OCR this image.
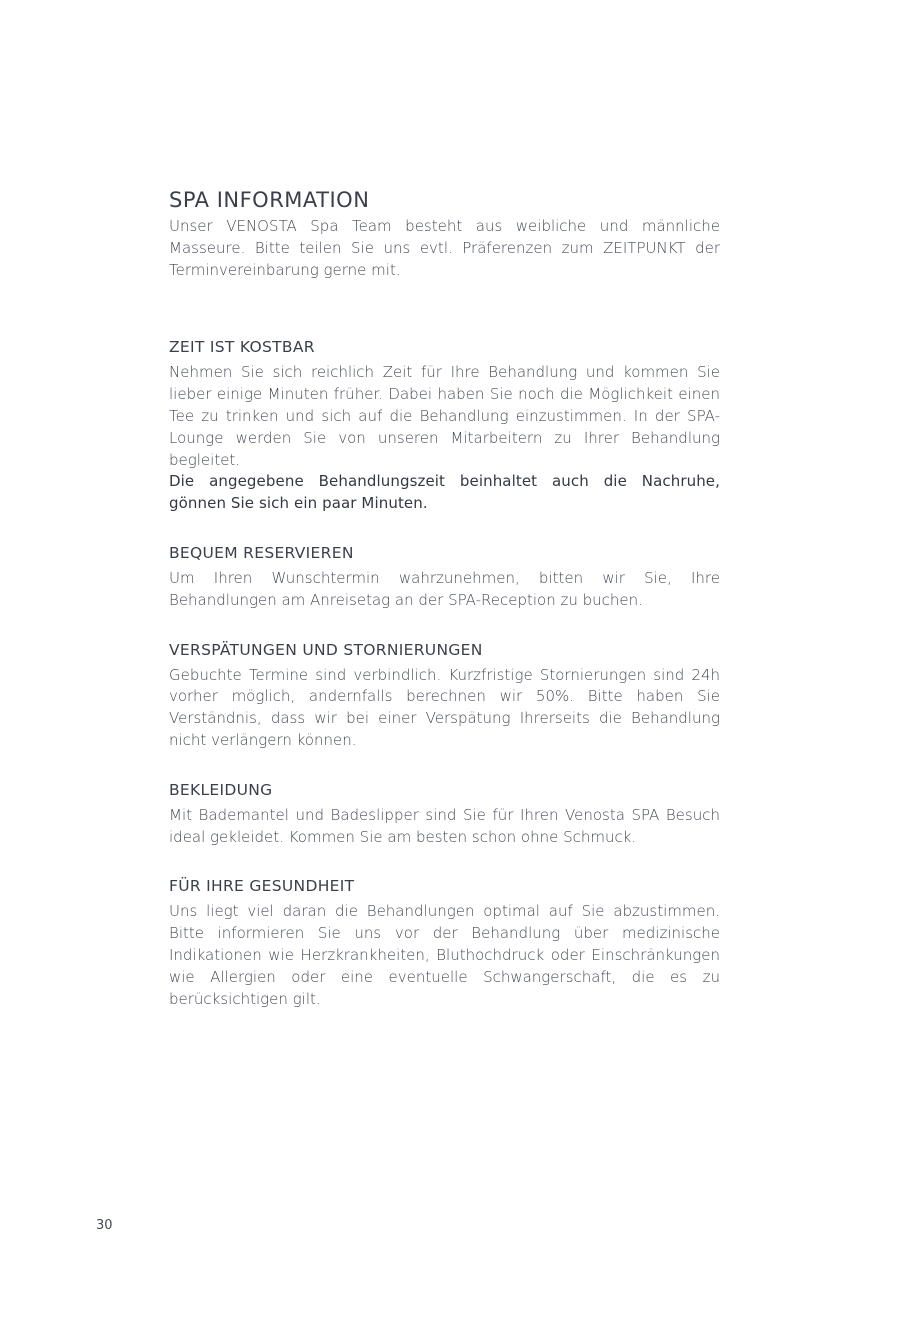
SPA INFORMATION

Unser VENOSTA Spa Team besteht aus weibliche und männliche Masseure. Bitte teilen Sie uns evtl. Präferenzen zum ZEITPUNKT der Terminvereinbarung gerne mit.

ZEIT IST KOSTBAR

Nehmen Sie sich reichlich Zeit für Ihre Behandlung und kommen Sie lieber einige Minuten früher. Dabei haben Sie noch die Möglichkeit einen Tee zu trinken und sich auf die Behandlung einzustimmen. In der SPA-Lounge werden Sie von unseren Mitarbeitern zu Ihrer Behandlung begleitet.

Die angegebene Behandlungszeit beinhaltet auch die Nachruhe, gönnen Sie sich ein paar Minuten.

BEQUEM RESERVIEREN

Um Ihren Wunschtermin wahrzunehmen, bitten wir Sie, Ihre Behandlungen am Anreisetag an der SPA-Reception zu buchen.

VERSPÄTUNGEN UND STORNIERUNGEN

Gebuchte Termine sind verbindlich. Kurzfristige Stornierungen sind 24h vorher möglich, andernfalls berechnen wir 50%. Bitte haben Sie Verständnis, dass wir bei einer Verspätung Ihrerseits die Behandlung nicht verlängern können.

BEKLEIDUNG

Mit Bademantel und Badeslipper sind Sie für Ihren Venosta SPA Besuch ideal gekleidet. Kommen Sie am besten schon ohne Schmuck.

FÜR IHRE GESUNDHEIT

Uns liegt viel daran die Behandlungen optimal auf Sie abzustimmen. Bitte informieren Sie uns vor der Behandlung über medizinische Indikationen wie Herzkrankheiten, Bluthochdruck oder Einschränkungen wie Allergien oder eine eventuelle Schwangerschaft, die es zu berücksichtigen gilt.

30
